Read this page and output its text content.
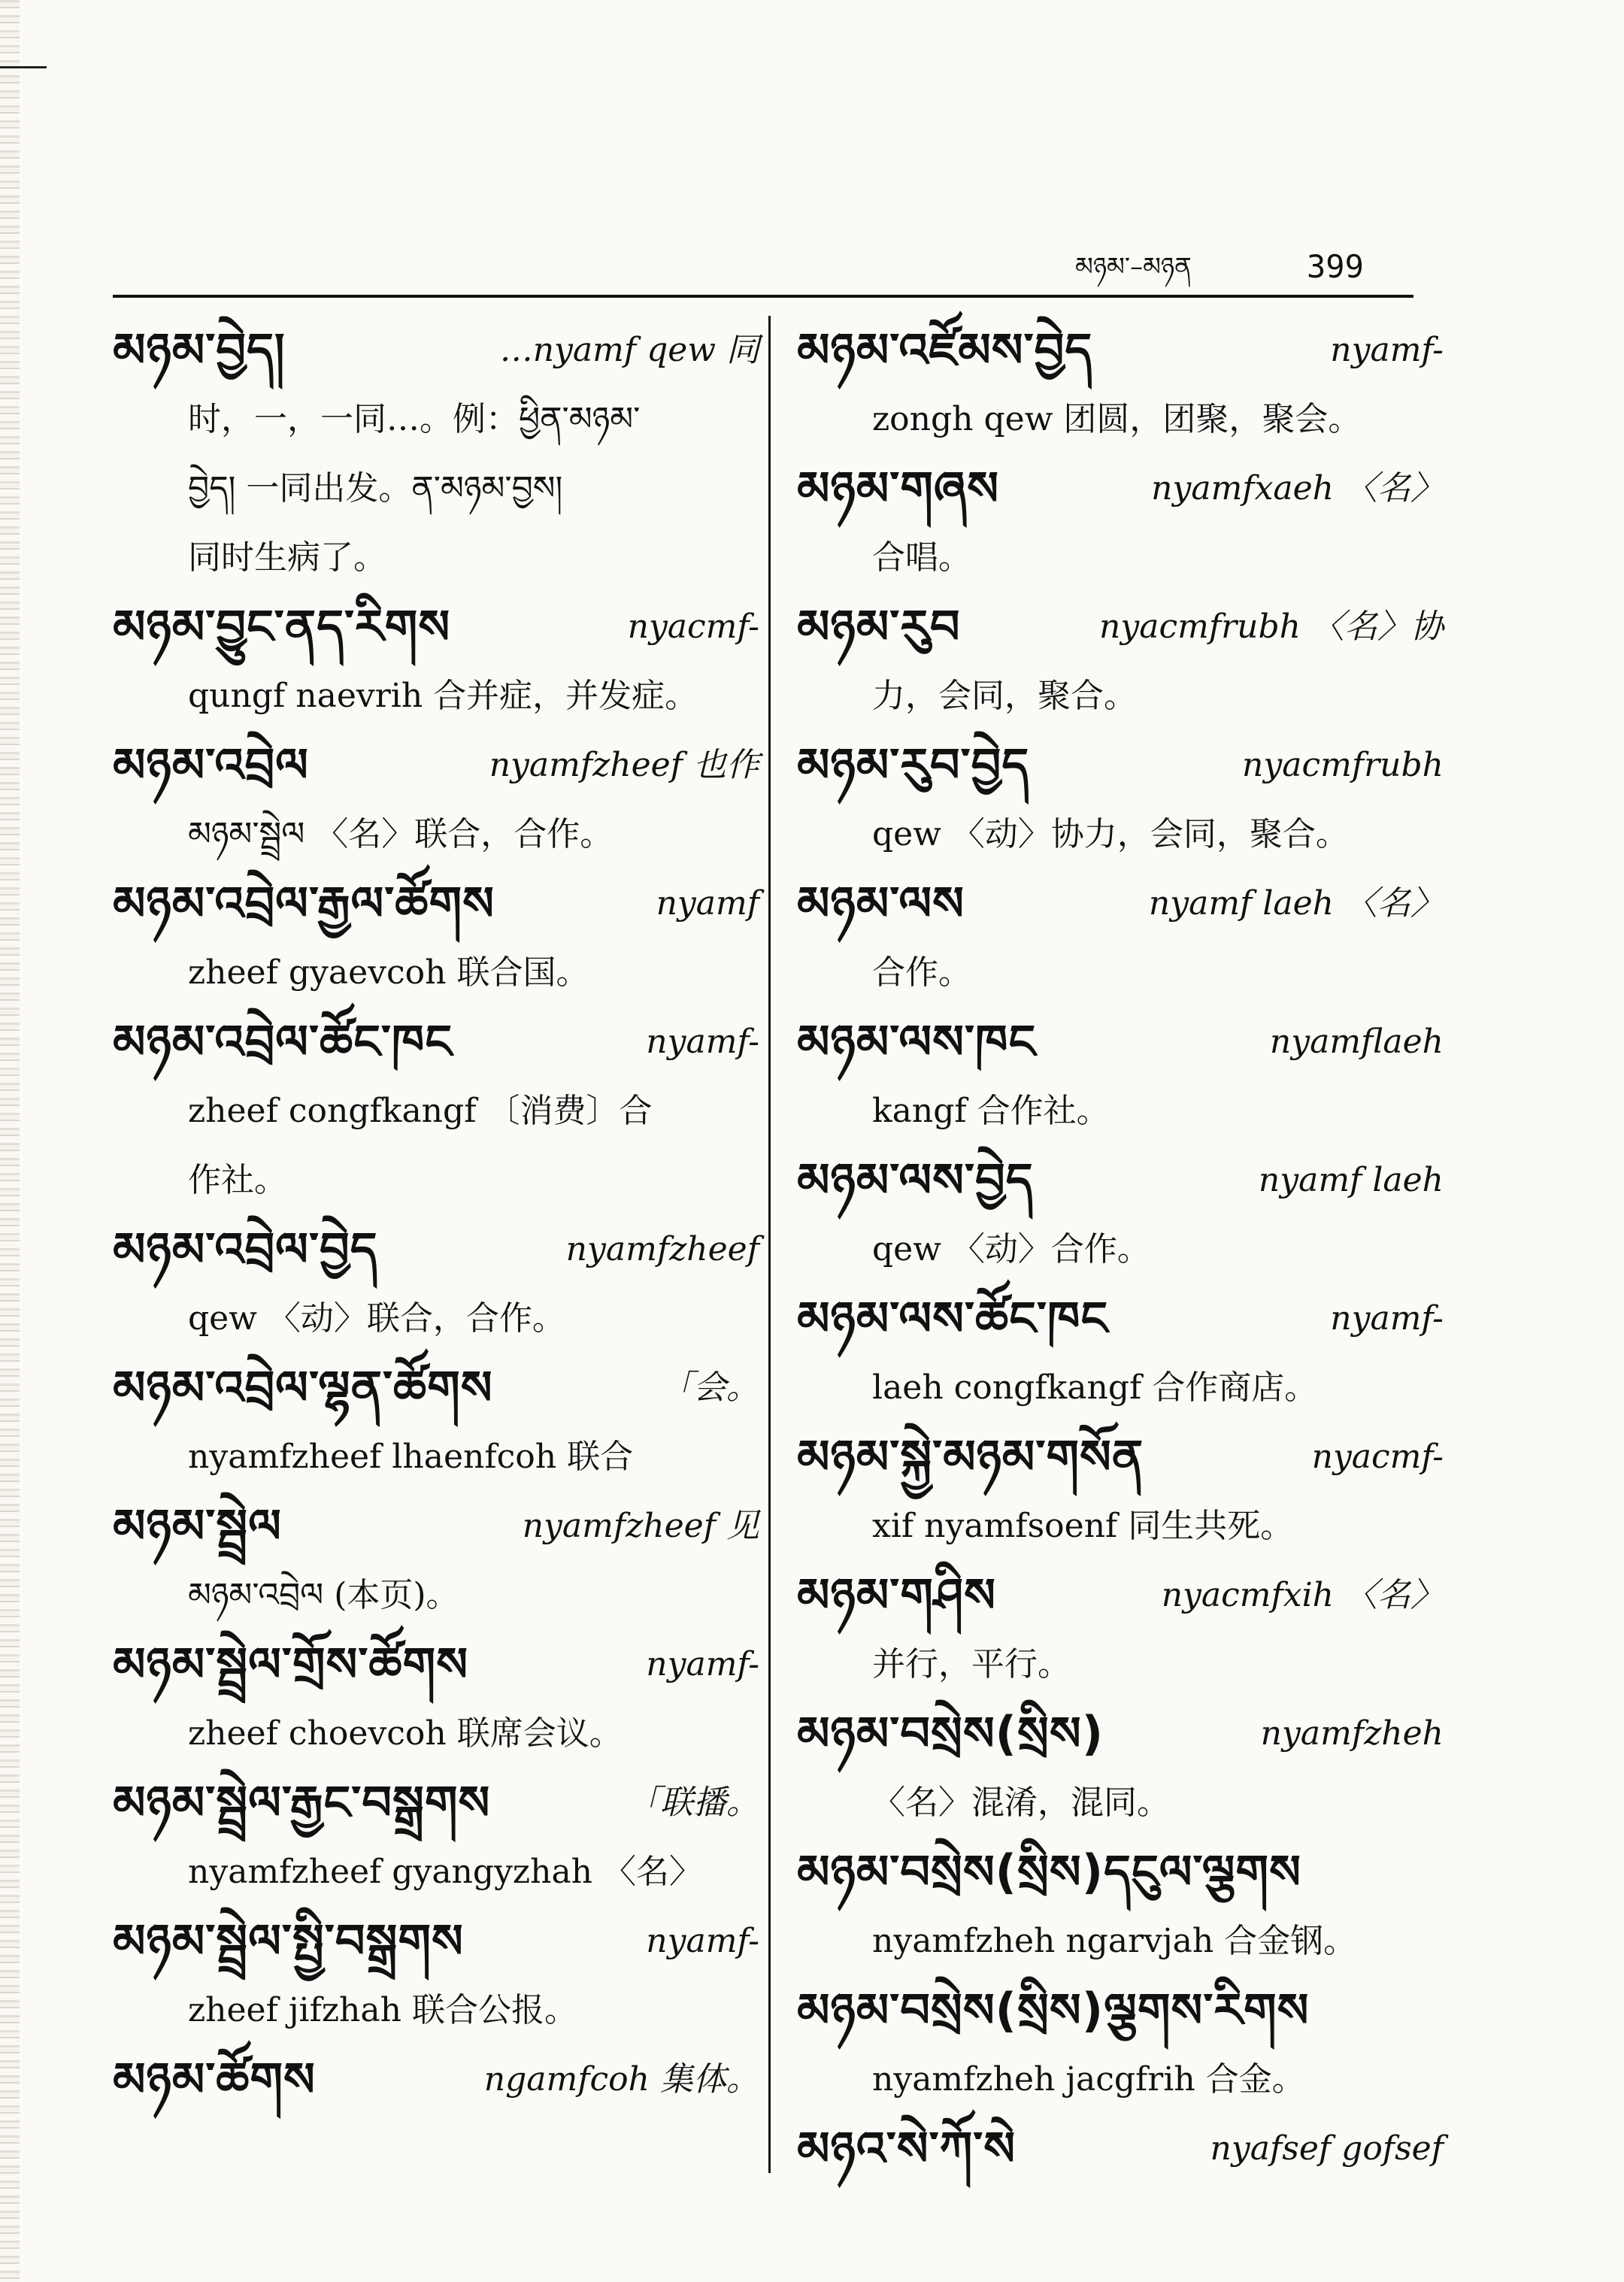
མཉམ་–མཉན	399
མཉམ་བྱེད།	…nyamf qew 同
时，一，一同…。例：ཕྱིན་མཉམ་
བྱེད། 一同出发。ན་མཉམ་བྱས།
同时生病了。
མཉམ་བྱུང་ནད་རིགས	nyacmf-
qungf naevrih 合并症，并发症。
མཉམ་འབྲེལ	nyamfzheef 也作
མཉམ་སྦྲེལ 〈名〉联合，合作。
མཉམ་འབྲེལ་རྒྱལ་ཚོགས	nyamf
zheef gyaevcoh 联合国。
མཉམ་འབྲེལ་ཚོང་ཁང	nyamf-
zheef congfkangf 〔消费〕合
作社。
མཉམ་འབྲེལ་བྱེད	nyamfzheef
qew 〈动〉联合，合作。
མཉམ་འབྲེལ་ལྷན་ཚོགས	「会。
nyamfzheef lhaenfcoh 联合
མཉམ་སྦྲེལ	nyamfzheef 见
མཉམ་འབྲེལ (本页)。
མཉམ་སྦྲེལ་གྲོས་ཚོགས	nyamf-
zheef choevcoh 联席会议。
མཉམ་སྦྲེལ་རྒྱང་བསྒྲགས	「联播。
nyamfzheef gyangyzhah 〈名〉
མཉམ་སྦྲེལ་སྤྱི་བསྒྲགས	nyamf-
zheef jifzhah 联合公报。
མཉམ་ཚོགས	ngamfcoh 集体。
མཉམ་འཛོམས་བྱེད	nyamf-
zongh qew 团圆，团聚，聚会。
མཉམ་གཞས	nyamfxaeh 〈名〉
合唱。
མཉམ་རུབ	nyacmfrubh 〈名〉协
力，会同，聚合。
མཉམ་རུབ་བྱེད	nyacmfrubh
qew 〈动〉协力，会同，聚合。
མཉམ་ལས	nyamf laeh 〈名〉
合作。
མཉམ་ལས་ཁང	nyamflaeh
kangf 合作社。
མཉམ་ལས་བྱེད	nyamf laeh
qew 〈动〉合作。
མཉམ་ལས་ཚོང་ཁང	nyamf-
laeh congfkangf 合作商店。
མཉམ་སྐྱེ་མཉམ་གསོན	nyacmf-
xif nyamfsoenf 同生共死。
མཉམ་གཤིས	nyacmfxih 〈名〉
并行，平行。
མཉམ་བསྲེས(སྲིས)	nyamfzheh
〈名〉混淆，混同。
མཉམ་བསྲེས(སྲིས)དངུལ་ལྕགས
nyamfzheh ngarvjah 合金钢。
མཉམ་བསྲེས(སྲིས)ལྕགས་རིགས
nyamfzheh jacgfrih 合金。
མཉའ་སེ་ཀོ་སེ	nyafsef gofsef
